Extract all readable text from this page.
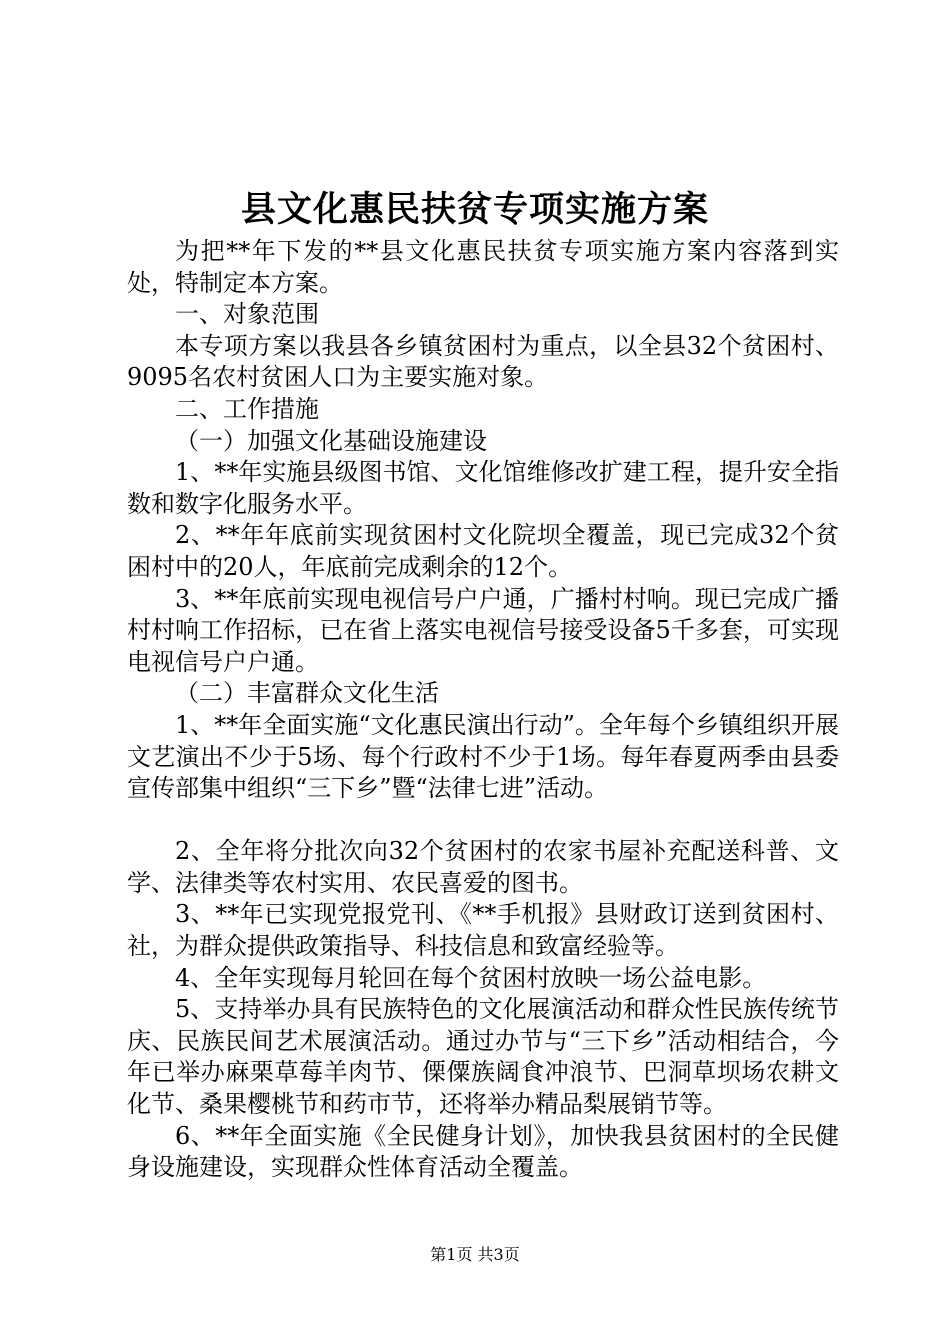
县文化惠民扶贫专项实施方案

为把**年下发的**县文化惠民扶贫专项实施方案内容落到实处，特制定本方案。

一、对象范围

本专项方案以我县各乡镇贫困村为重点，以全县32个贫困村、9095名农村贫困人口为主要实施对象。

二、工作措施

（一）加强文化基础设施建设

1、**年实施县级图书馆、文化馆维修改扩建工程，提升安全指数和数字化服务水平。

2、**年年底前实现贫困村文化院坝全覆盖，现已完成32个贫困村中的20人，年底前完成剩余的12个。

3、**年底前实现电视信号户户通，广播村村响。现已完成广播村村响工作招标，已在省上落实电视信号接受设备5千多套，可实现电视信号户户通。

（二）丰富群众文化生活

1、**年全面实施“文化惠民演出行动”。全年每个乡镇组织开展文艺演出不少于5场、每个行政村不少于1场。每年春夏两季由县委宣传部集中组织“三下乡”暨“法律七进”活动。

2、全年将分批次向32个贫困村的农家书屋补充配送科普、文学、法律类等农村实用、农民喜爱的图书。

3、**年已实现党报党刊、《**手机报》县财政订送到贫困村、社，为群众提供政策指导、科技信息和致富经验等。

4、全年实现每月轮回在每个贫困村放映一场公益电影。

5、支持举办具有民族特色的文化展演活动和群众性民族传统节庆、民族民间艺术展演活动。通过办节与“三下乡”活动相结合，今年已举办麻栗草莓羊肉节、傈僳族阔食冲浪节、巴洞草坝场农耕文化节、桑果樱桃节和药市节，还将举办精品梨展销节等。

6、**年全面实施《全民健身计划》，加快我县贫困村的全民健身设施建设，实现群众性体育活动全覆盖。

第1页 共3页
